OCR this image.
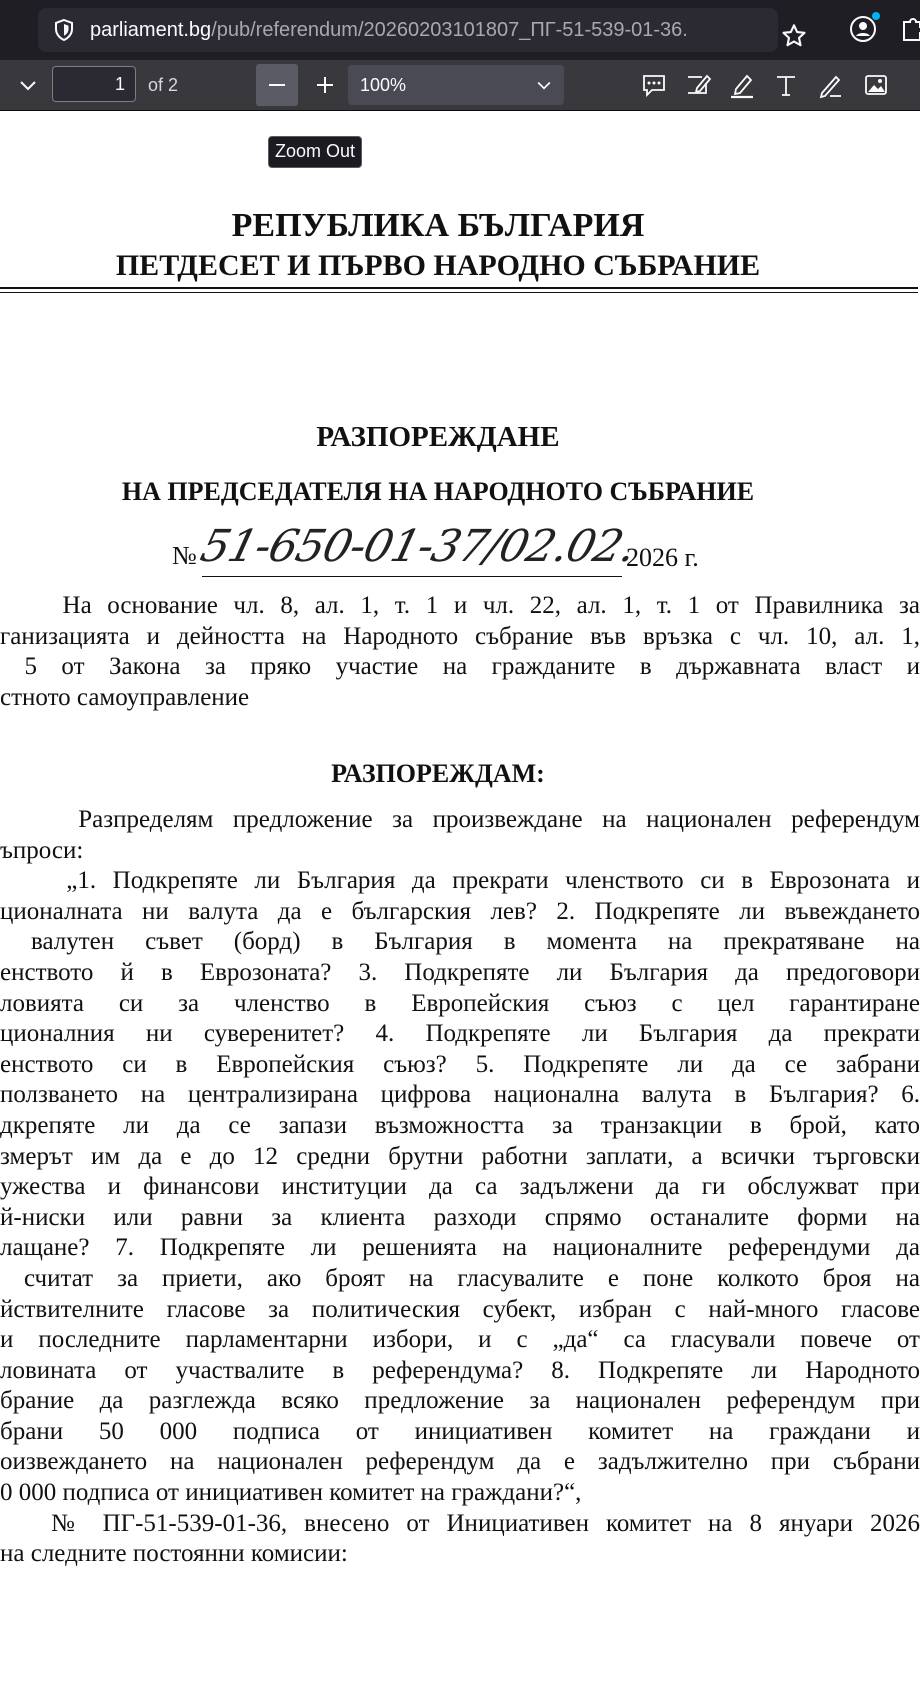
parliament.bg/pub/referendum/20260203101807_ПГ-51-539-01-36.
1	of 2	100%
Zoom Out
РЕПУБЛИКА БЪЛГАРИЯ
ПЕТДЕСЕТ И ПЪРВО НАРОДНО СЪБРАНИЕ
РАЗПОРЕЖДАНЕ
НА ПРЕДСЕДАТЕЛЯ НА НАРОДНОТО СЪБРАНИЕ
№
51-650-01-37/02.02.
2026 г.
На основание чл. 8, ал. 1, т. 1 и чл. 22, ал. 1, т. 1 от Правилника за
ганизацията и дейността на Народното събрание във връзка с чл. 10, ал. 1,
5 от Закона за пряко участие на гражданите в държавната власт и
стното самоуправление
РАЗПОРЕЖДАМ:
Разпределям предложение за произвеждане на национален референдум
ъпроси:
„1. Подкрепяте ли България да прекрати членството си в Еврозоната и
ционалната ни валута да е българския лев? 2. Подкрепяте ли въвеждането
валутен съвет (борд) в България в момента на прекратяване на
енството й в Еврозоната? 3. Подкрепяте ли България да предоговори
ловията си за членство в Европейския съюз с цел гарантиране
ционалния ни суверенитет? 4. Подкрепяте ли България да прекрати
енството си в Европейския съюз? 5. Подкрепяте ли да се забрани
ползването на централизирана цифрова национална валута в България? 6.
дкрепяте ли да се запази възможността за транзакции в брой, като
змерът им да е до 12 средни брутни работни заплати, а всички търговски
ужества и финансови институции да са задължени да ги обслужват при
й-ниски или равни за клиента разходи спрямо останалите форми на
лащане? 7. Подкрепяте ли решенията на националните референдуми да
считат за приети, ако броят на гласувалите е поне колкото броя на
йствителните гласове за политическия субект, избран с най-много гласове
и последните парламентарни избори, и с „да“ са гласували повече от
ловината от участвалите в референдума? 8. Подкрепяте ли Народното
брание да разглежда всяко предложение за национален референдум при
брани 50 000 подписа от инициативен комитет на граждани и
оизвеждането на национален референдум да е задължително при събрани
0 000 подписа от инициативен комитет на граждани?“,
№ ПГ-51-539-01-36, внесено от Инициативен комитет на 8 януари 2026
на следните постоянни комисии:
